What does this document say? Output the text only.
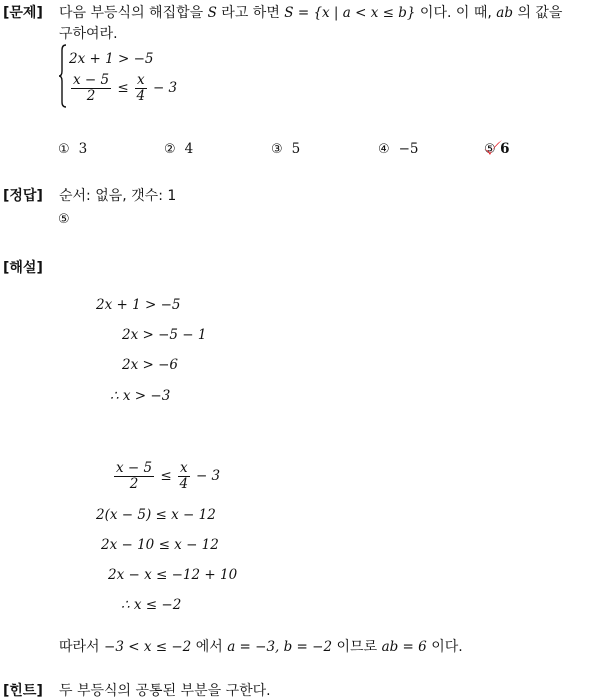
[문제] 다음 부등식의 해집합을 S 라고 하면 S = {x | a < x ≤ b} 이다. 이 때, ab 의 값을
구하여라.
2x + 1 > −5
$\frac{x - 5}{2} \le \frac{x}{4} - 3$
① 3	② 4	③ 5	④ −5	⑤ 6
[정답] 순서: 없음, 갯수: 1
⑤
[해설]
2x + 1 > −5
2x > −5 − 1
2x > −6
∴ x > −3
$\frac{x - 5}{2} \le \frac{x}{4} - 3$
2(x − 5) ≤ x − 12
2x − 10 ≤ x − 12
2x − x ≤ −12 + 10
∴ x ≤ −2
따라서 −3 < x ≤ −2 에서 a = −3, b = −2 이므로 ab = 6 이다.
[힌트] 두 부등식의 공통된 부분을 구한다.
